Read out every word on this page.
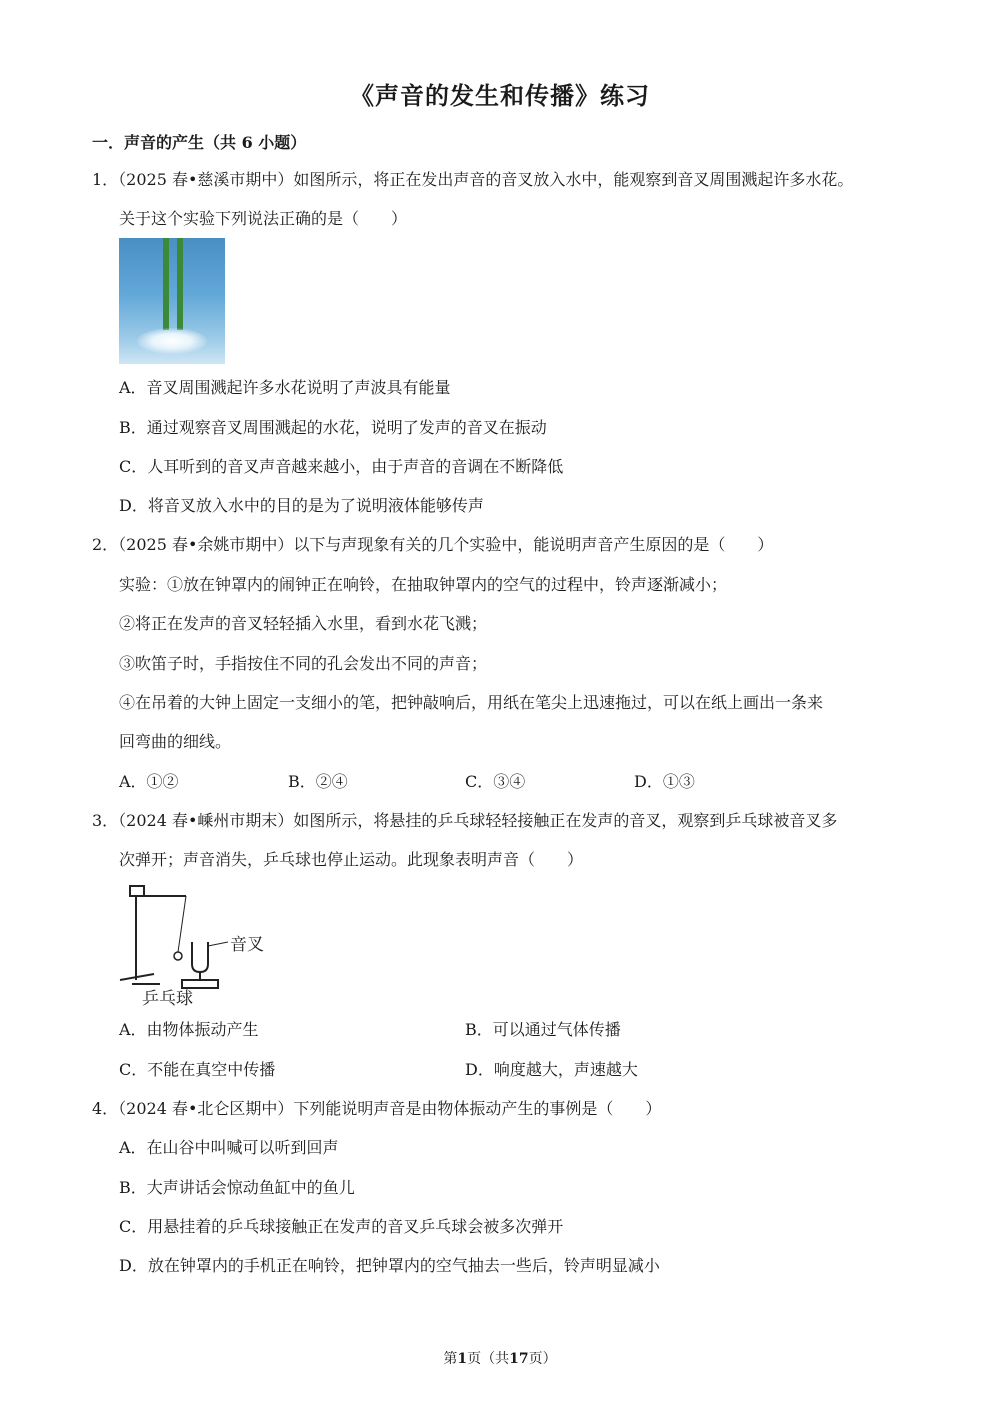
《声音的发生和传播》练习
一．声音的产生（共 6 小题）
1．（2025 春•慈溪市期中）如图所示，将正在发出声音的音叉放入水中，能观察到音叉周围溅起许多水花。
关于这个实验下列说法正确的是（　　）
A．音叉周围溅起许多水花说明了声波具有能量
B．通过观察音叉周围溅起的水花，说明了发声的音叉在振动
C．人耳听到的音叉声音越来越小，由于声音的音调在不断降低
D．将音叉放入水中的目的是为了说明液体能够传声
2．（2025 春•余姚市期中）以下与声现象有关的几个实验中，能说明声音产生原因的是（　　）
实验：①放在钟罩内的闹钟正在响铃，在抽取钟罩内的空气的过程中，铃声逐渐减小；
②将正在发声的音叉轻轻插入水里，看到水花飞溅；
③吹笛子时，手指按住不同的孔会发出不同的声音；
④在吊着的大钟上固定一支细小的笔，把钟敲响后，用纸在笔尖上迅速拖过，可以在纸上画出一条来
回弯曲的细线。
A．①②	B．②④	C．③④	D．①③
3．（2024 春•嵊州市期末）如图所示，将悬挂的乒乓球轻轻接触正在发声的音叉，观察到乒乓球被音叉多
次弹开；声音消失，乒乓球也停止运动。此现象表明声音（　　）
音叉
乒乓球
A．由物体振动产生	B．可以通过气体传播
C．不能在真空中传播	D．响度越大，声速越大
4．（2024 春•北仑区期中）下列能说明声音是由物体振动产生的事例是（　　）
A．在山谷中叫喊可以听到回声
B．大声讲话会惊动鱼缸中的鱼儿
C．用悬挂着的乒乓球接触正在发声的音叉乒乓球会被多次弹开
D．放在钟罩内的手机正在响铃，把钟罩内的空气抽去一些后，铃声明显减小
第1页（共17页）
